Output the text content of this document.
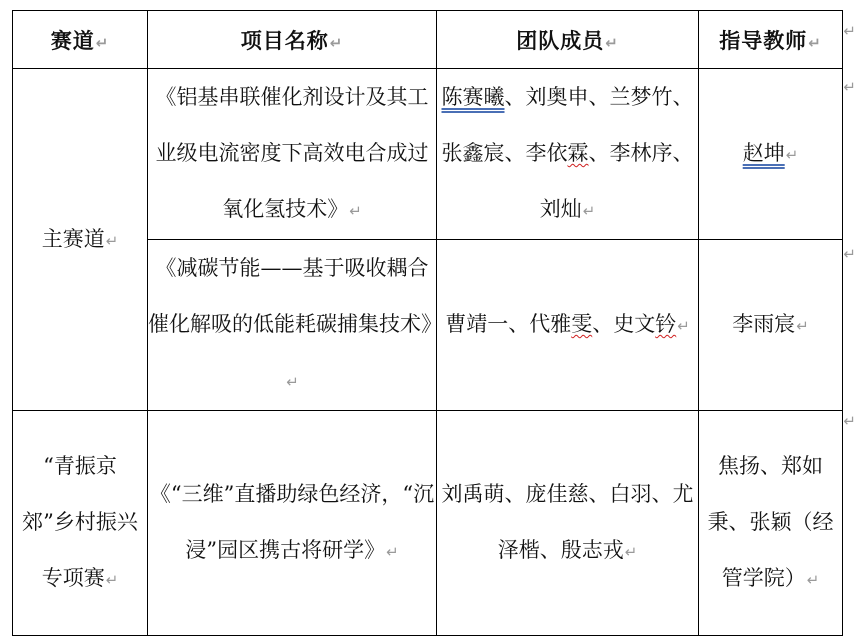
赛道↵	项目名称↵	团队成员↵	指导教师↵
主赛道↵	《铝基串联催化剂设计及其工业级电流密度下高效电合成过氧化氢技术》↵	陈赛曦、刘奥申、兰梦竹、张鑫宸、李依霖、李林序、刘灿↵	赵坤↵
	《减碳节能——基于吸收耦合催化解吸的低能耗碳捕集技术》↵	曹靖一、代雅雯、史文钤↵	李雨宸↵
“青振京郊”乡村振兴专项赛↵	《“三维”直播助绿色经济，“沉浸”园区携古将研学》↵	刘禹萌、庞佳慈、白羽、尤泽楷、殷志戎↵	焦扬、郑如秉、张颖（经管学院）↵
↵
↵
↵
↵
